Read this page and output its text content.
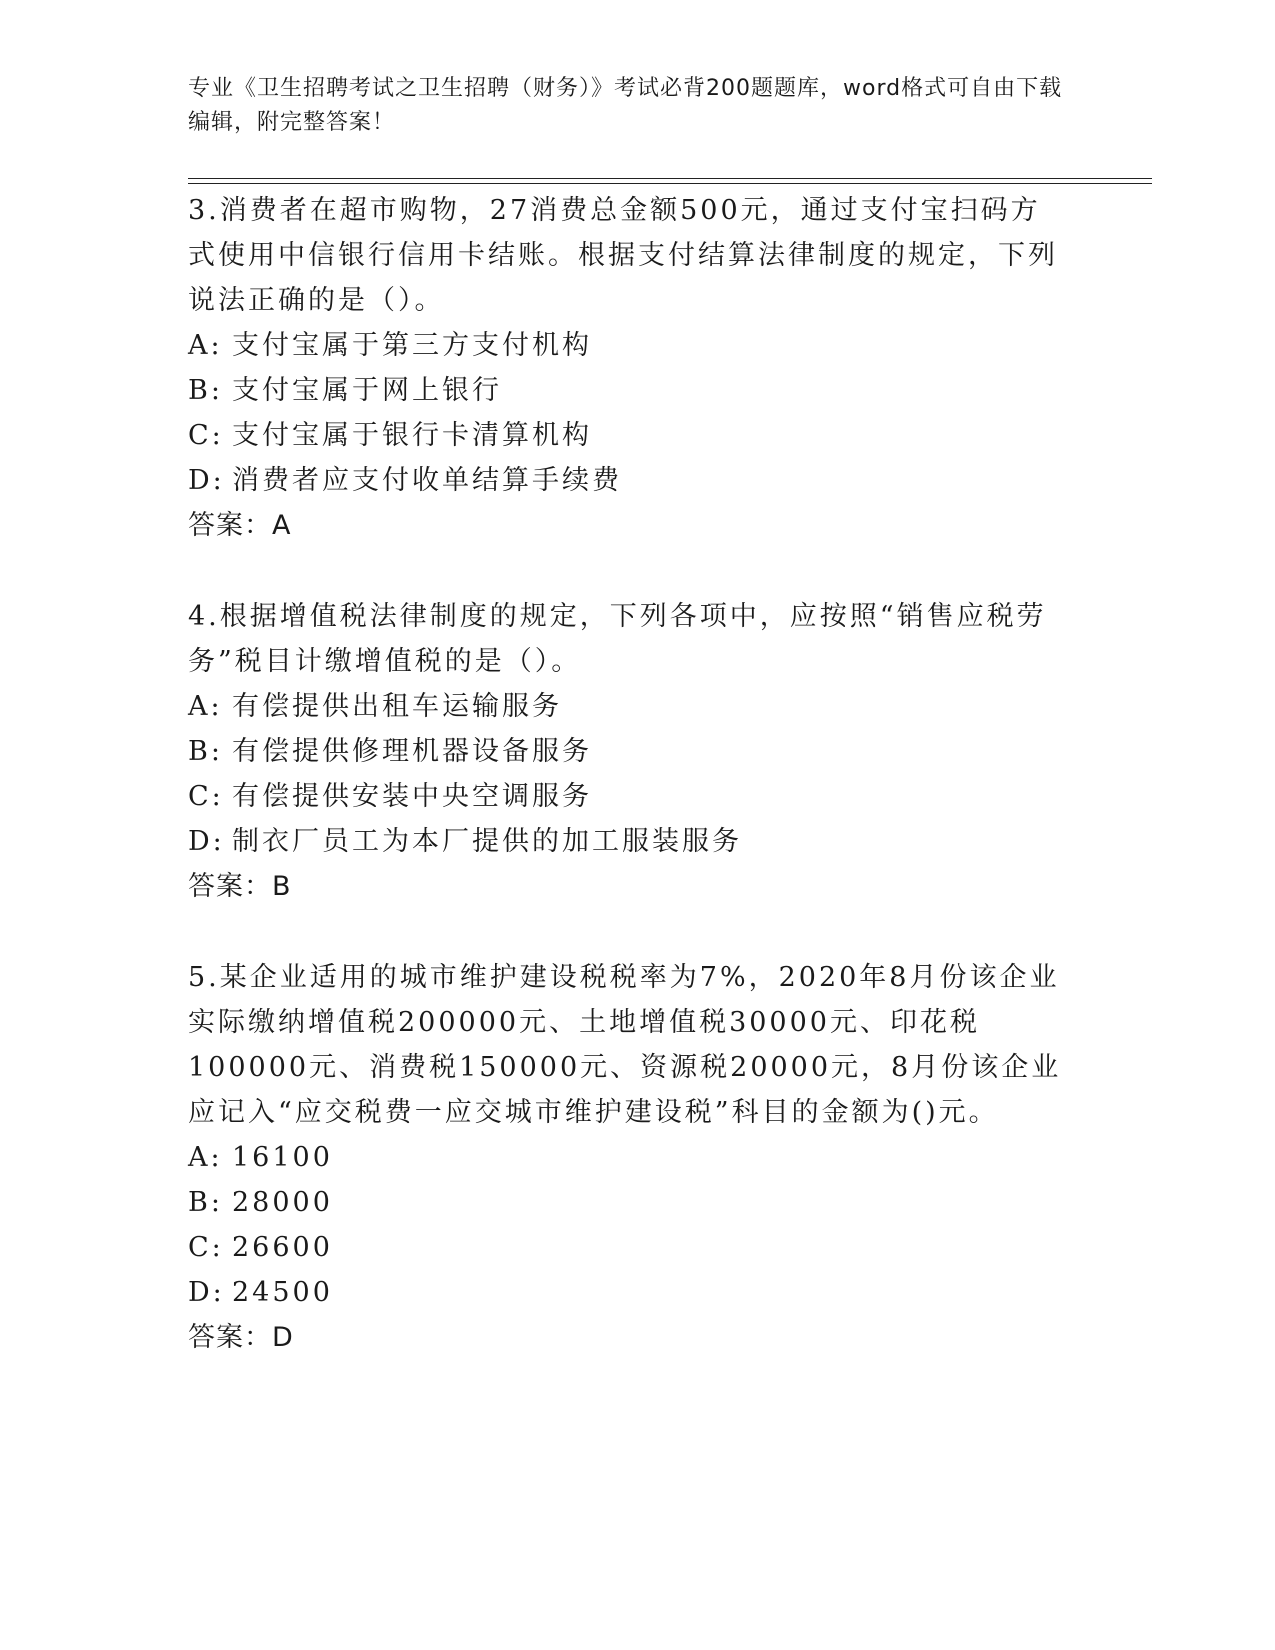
专业《卫生招聘考试之卫生招聘（财务）》考试必背200题题库，word格式可自由下载编辑，附完整答案！

3.消费者在超市购物，27消费总金额500元，通过支付宝扫码方式使用中信银行信用卡结账。根据支付结算法律制度的规定，下列说法正确的是（）。

A: 支付宝属于第三方支付机构
B: 支付宝属于网上银行
C: 支付宝属于银行卡清算机构
D: 消费者应支付收单结算手续费
答案：A

4.根据增值税法律制度的规定，下列各项中，应按照“销售应税劳务”税目计缴增值税的是（）。

A: 有偿提供出租车运输服务
B: 有偿提供修理机器设备服务
C: 有偿提供安装中央空调服务
D: 制衣厂员工为本厂提供的加工服装服务
答案：B

5.某企业适用的城市维护建设税税率为7%，2020年8月份该企业实际缴纳增值税200000元、土地增值税30000元、印花税100000元、消费税150000元、资源税20000元，8月份该企业应记入“应交税费一应交城市维护建设税”科目的金额为()元。

A: 16100
B: 28000
C: 26600
D: 24500
答案：D
